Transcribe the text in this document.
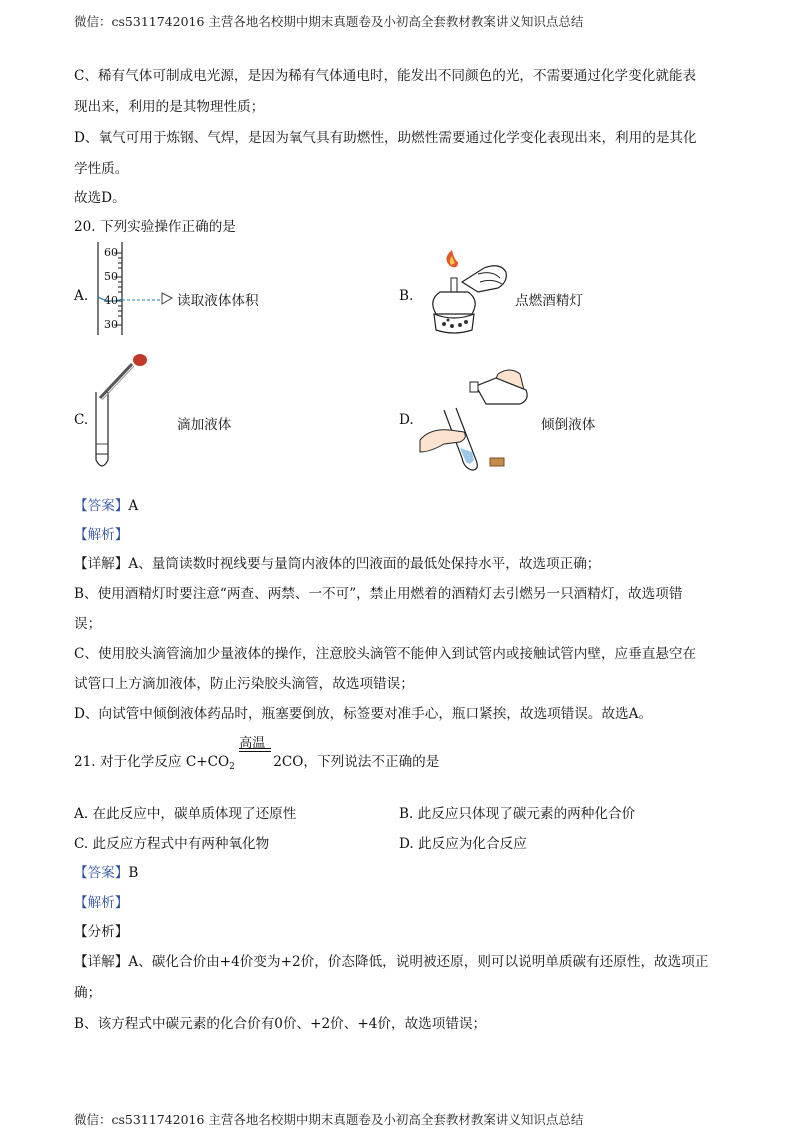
微信：cs5311742016 主营各地名校期中期末真题卷及小初高全套教材教案讲义知识点总结
C、稀有气体可制成电光源，是因为稀有气体通电时，能发出不同颜色的光，不需要通过化学变化就能表
现出来，利用的是其物理性质；
D、氧气可用于炼钢、气焊，是因为氧气具有助燃性，助燃性需要通过化学变化表现出来，利用的是其化
学性质。
故选D。
20. 下列实验操作正确的是
A.
60
50
40
30
读取液体体积	B.	点燃酒精灯
C.	滴加液体	D.	倾倒液体
【答案】A
【解析】
【详解】A、量筒读数时视线要与量筒内液体的凹液面的最低处保持水平，故选项正确；
B、使用酒精灯时要注意“两查、两禁、一不可”，禁止用燃着的酒精灯去引燃另一只酒精灯，故选项错
误；
C、使用胶头滴管滴加少量液体的操作，注意胶头滴管不能伸入到试管内或接触试管内壁，应垂直悬空在
试管口上方滴加液体，防止污染胶头滴管，故选项错误；
D、向试管中倾倒液体药品时，瓶塞要倒放，标签要对准手心，瓶口紧挨，故选项错误。故选A。
21. 对于化学反应 $C+CO_2$
高温
2CO，下列说法不正确的是
A. 在此反应中，碳单质体现了还原性	B. 此反应只体现了碳元素的两种化合价
C. 此反应方程式中有两种氧化物	D. 此反应为化合反应
【答案】B
【解析】
【分析】
【详解】A、碳化合价由+4价变为+2价，价态降低，说明被还原，则可以说明单质碳有还原性，故选项正
确；
B、该方程式中碳元素的化合价有0价、+2价、+4价，故选项错误；
微信：cs5311742016 主营各地名校期中期末真题卷及小初高全套教材教案讲义知识点总结
